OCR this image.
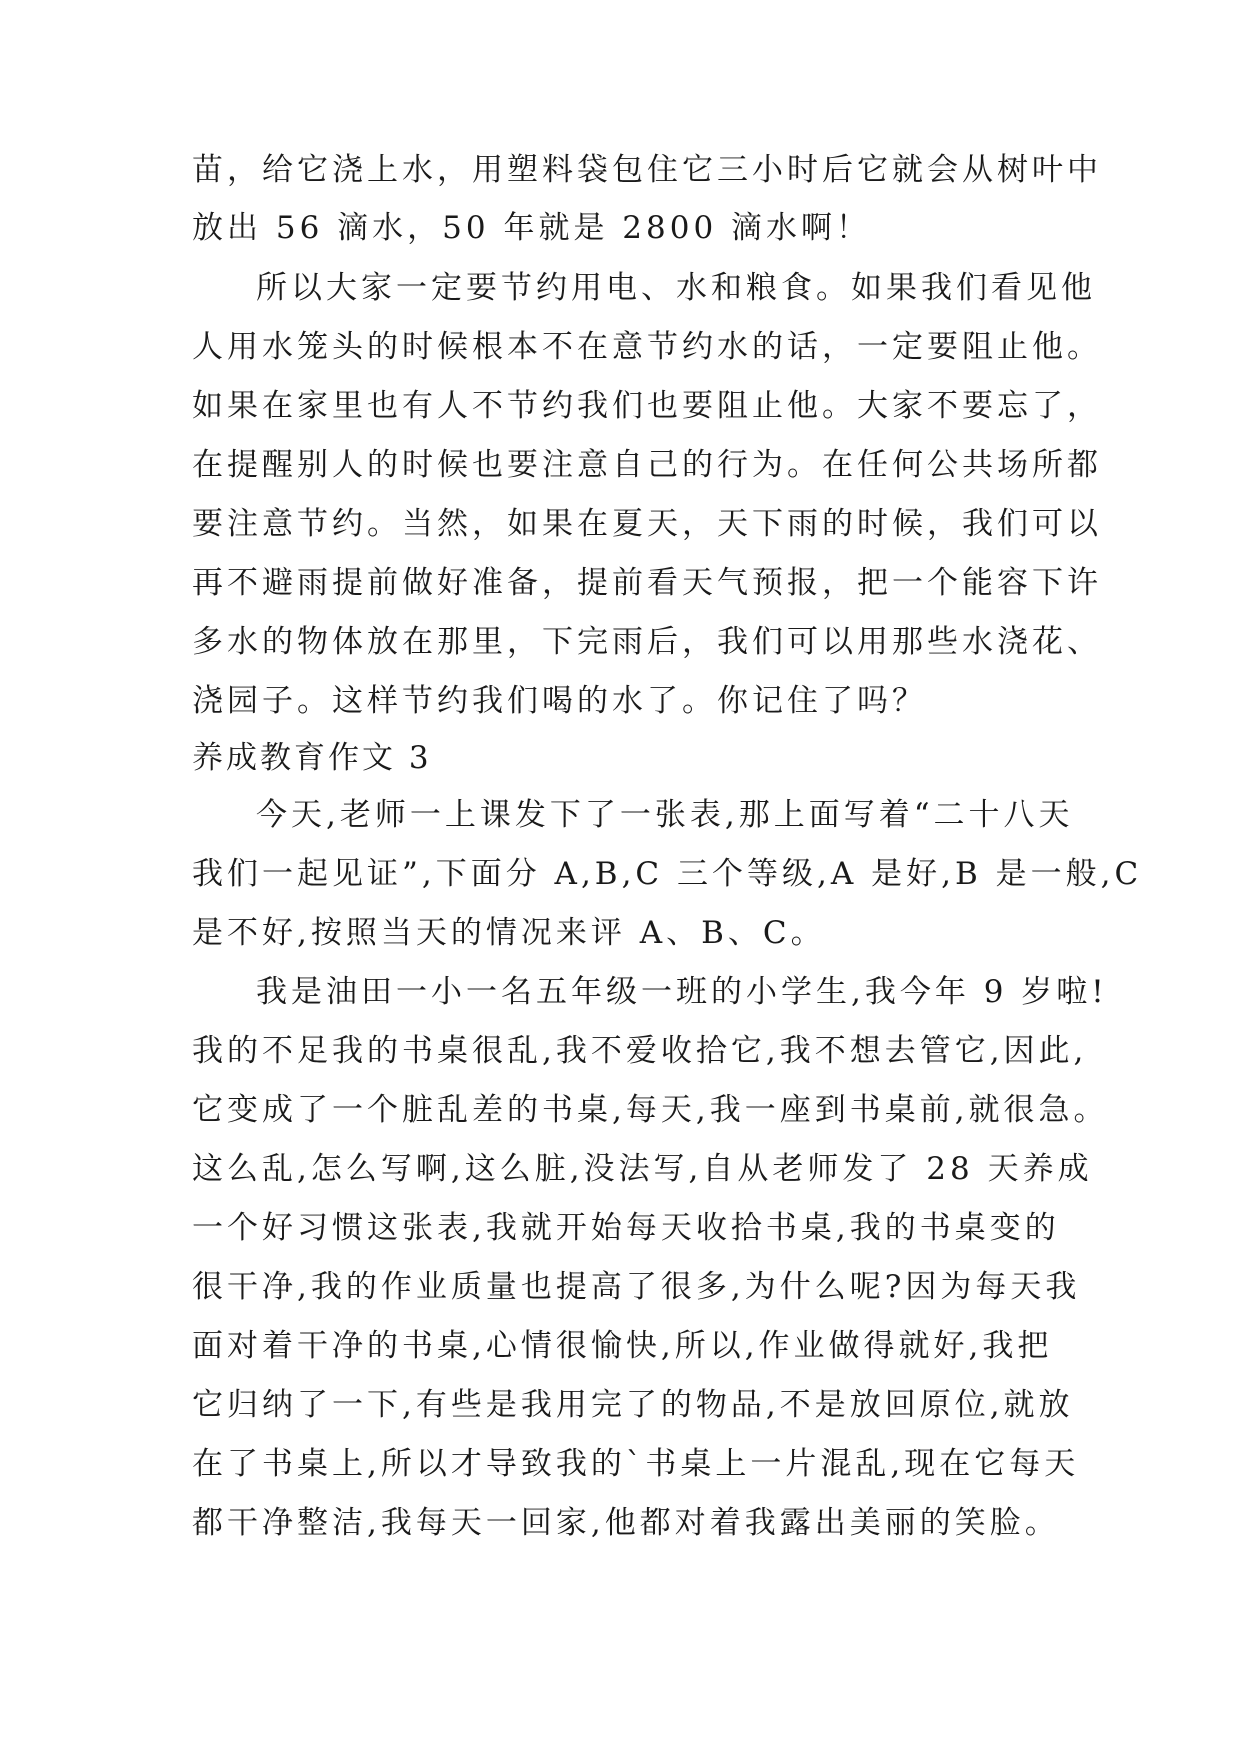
苗，给它浇上水，用塑料袋包住它三小时后它就会从树叶中
放出 56 滴水，50 年就是 2800 滴水啊！
所以大家一定要节约用电、水和粮食。如果我们看见他
人用水笼头的时候根本不在意节约水的话，一定要阻止他。
如果在家里也有人不节约我们也要阻止他。大家不要忘了，
在提醒别人的时候也要注意自己的行为。在任何公共场所都
要注意节约。当然，如果在夏天，天下雨的时候，我们可以
再不避雨提前做好准备，提前看天气预报，把一个能容下许
多水的物体放在那里，下完雨后，我们可以用那些水浇花、
浇园子。这样节约我们喝的水了。你记住了吗？
养成教育作文 3
今天,老师一上课发下了一张表,那上面写着“二十八天
我们一起见证”,下面分 A,B,C 三个等级,A 是好,B 是一般,C
是不好,按照当天的情况来评 A、B、C。
我是油田一小一名五年级一班的小学生,我今年 9 岁啦!
我的不足我的书桌很乱,我不爱收拾它,我不想去管它,因此,
它变成了一个脏乱差的书桌,每天,我一座到书桌前,就很急。
这么乱,怎么写啊,这么脏,没法写,自从老师发了 28 天养成
一个好习惯这张表,我就开始每天收拾书桌,我的书桌变的
很干净,我的作业质量也提高了很多,为什么呢?因为每天我
面对着干净的书桌,心情很愉快,所以,作业做得就好,我把
它归纳了一下,有些是我用完了的物品,不是放回原位,就放
在了书桌上,所以才导致我的`书桌上一片混乱,现在它每天
都干净整洁,我每天一回家,他都对着我露出美丽的笑脸。
